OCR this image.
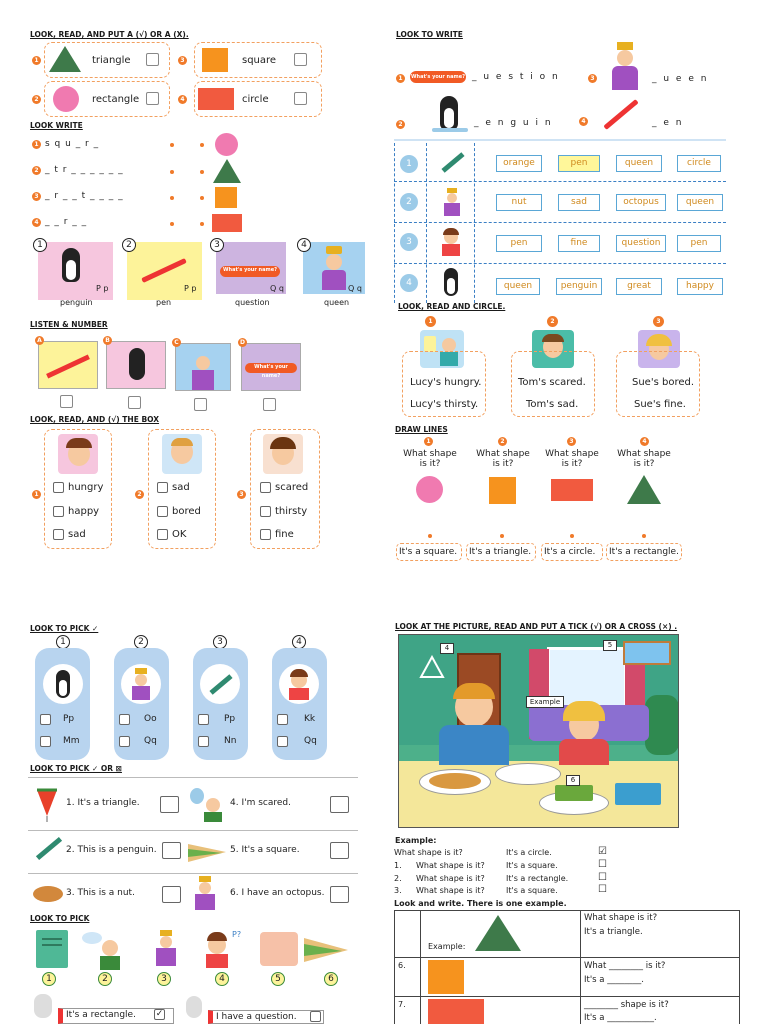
LOOK, READ, AND PUT A (√) OR A (X).
1	triangle
2	rectangle
3	square
4	circle
LOOK WRITE
1 s q u _ r _
2 _ t r _ _ _ _ _ _
3 _ r _ _ t _ _ _ _
4 _ _ r _ _
1
P p
penguin
2
P p
pen
3
What's your name?
Q q
question
4
Q q
queen
LISTEN & NUMBER
A	B	C
What's your name?
D
LOOK, READ, AND (√) THE BOX
1
hungry
happy
sad
2
sad
bored
OK
3
scared
thirsty
fine
LOOK TO WRITE
1	What's your name? _ u e s t i o n	3	_ u e e n
2	_ e n g u i n	4	_ e n
1	orange	pen	queen	circle
2	nut	sad	octopus	queen
3	pen	fine	question	pen
4	queen	penguin	great	happy
LOOK, READ AND CIRCLE.
1
Lucy's hungry.
Lucy's thirsty.
2
Tom's scared.
Tom's sad.
3
Sue's bored.
Sue's fine.
DRAW LINES
1
What shape
is it?
2
What shape
is it?
3
What shape
is it?
4
What shape
is it?
It's a square. It's a triangle. It's a circle. It's a rectangle.
LOOK TO PICK ✓
1
Pp
Mm
2
Oo
Qq
3
Pp
Nn
4
Kk
Qq
LOOK TO PICK ✓ OR ⊠
1. It's a triangle.	4. I'm scared.
2. This is a penguin.	5. It's a square.
3. This is a nut.	6. I have an octopus.
LOOK TO PICK
P?
1	2	3	4	5	6
It's a rectangle. ✓	I have a question.
LOOK AT THE PICTURE, READ AND PUT A TICK (√) OR A CROSS (×) .
4	5
6
Example
Example:
What shape is it?	It's a circle.	☑
1. What shape is it?	It's a square.	☐
2. What shape is it?	It's a rectangle.	☐
3. What shape is it?	It's a square.	☐
Look and write. There is one example.
Example:
What shape is it?
It's a triangle.
6.	What ________ is it?
It's a ________.
7.	________ shape is it?
It's a ___________.
